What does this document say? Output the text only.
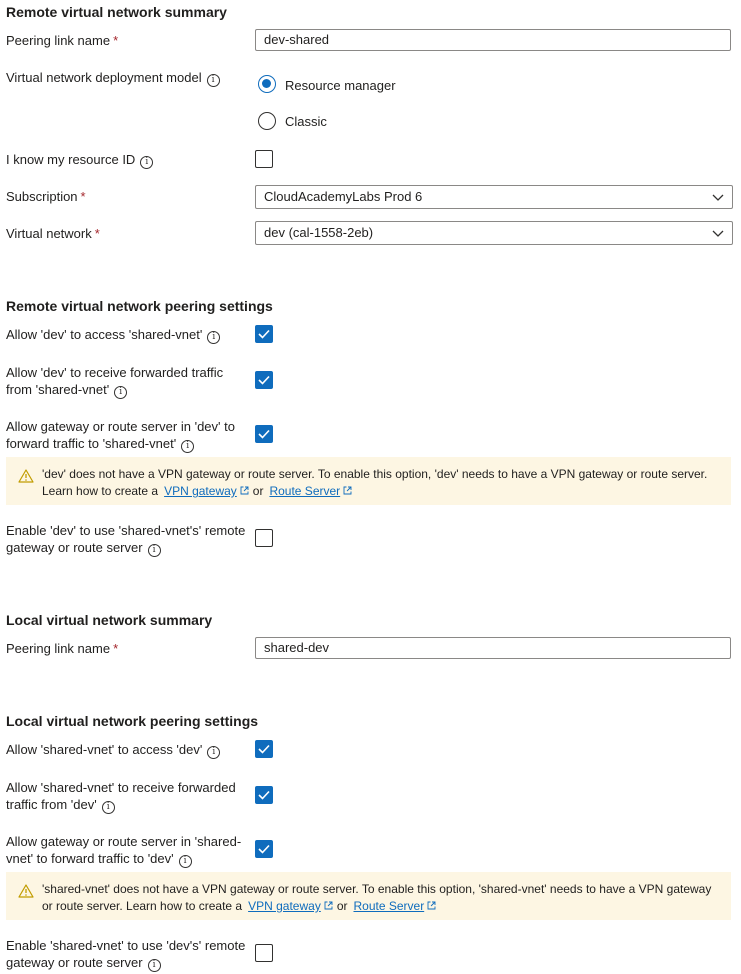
Remote virtual network summary
Peering link name *	dev-shared
Virtual network deployment model i	Resource manager
Classic
I know my resource ID i
Subscription *	CloudAcademyLabs Prod 6
Virtual network *	dev (cal-1558-2eb)
Remote virtual network peering settings
Allow 'dev' to access 'shared-vnet' i
Allow 'dev' to receive forwarded traffic from 'shared-vnet' i
Allow gateway or route server in 'dev' to forward traffic to 'shared-vnet' i
'dev' does not have a VPN gateway or route server. To enable this option, 'dev' needs to have a VPN gateway or route server. Learn how to create a VPN gateway or Route Server
Enable 'dev' to use 'shared-vnet's' remote gateway or route server i
Local virtual network summary
Peering link name *	shared-dev
Local virtual network peering settings
Allow 'shared-vnet' to access 'dev' i
Allow 'shared-vnet' to receive forwarded traffic from 'dev' i
Allow gateway or route server in 'shared-vnet' to forward traffic to 'dev' i
'shared-vnet' does not have a VPN gateway or route server. To enable this option, 'shared-vnet' needs to have a VPN gateway or route server. Learn how to create a VPN gateway or Route Server
Enable 'shared-vnet' to use 'dev's' remote gateway or route server i
